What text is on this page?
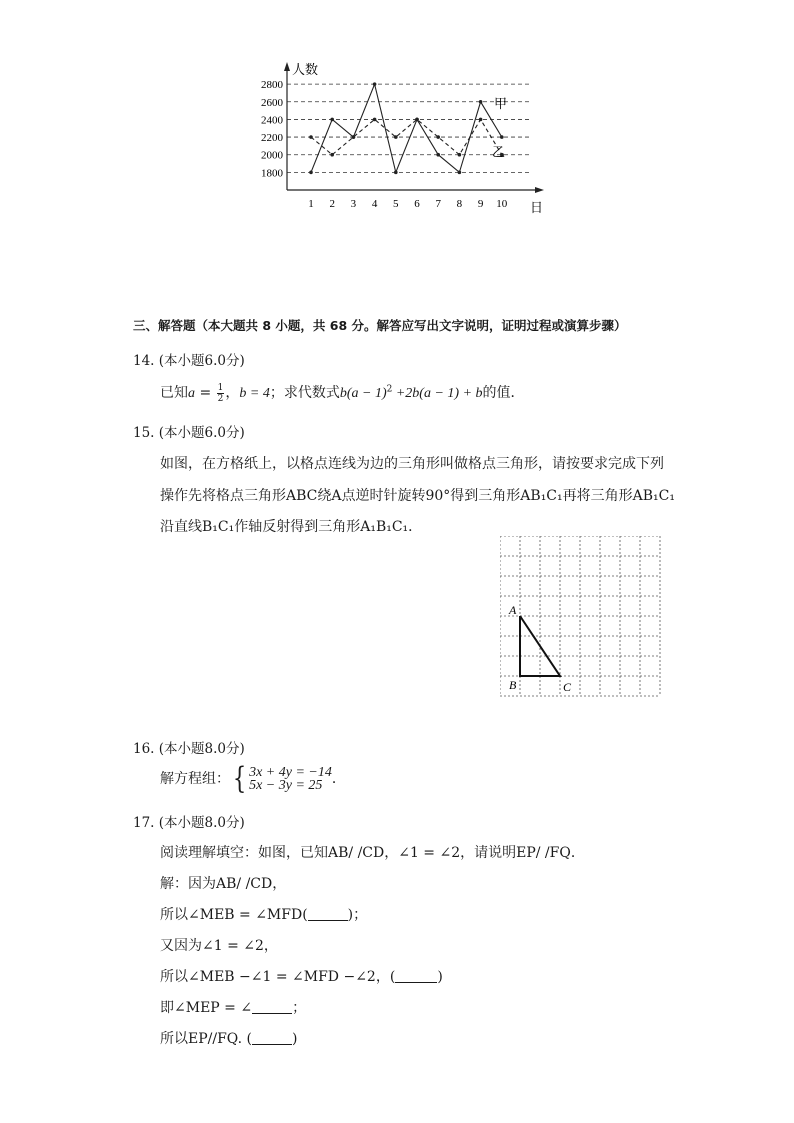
人数
日
1800
2000
2200
2400
2600
2800
1 2 3 4 5 6 7 8 9 10
甲
乙
三、解答题（本大题共 8 小题，共 68 分。解答应写出文字说明，证明过程或演算步骤）
14. (本小题6.0分)
已知$a = \frac{1}{2}$ ，b = 4；求代数式$b(a - 1)^2 +2b(a - 1) + b$的值．
15. (本小题6.0分)
如图，在方格纸上，以格点连线为边的三角形叫做格点三角形，请按要求完成下列
操作先将格点三角形ABC绕A点逆时针旋转90°得到三角形AB₁C₁再将三角形AB₁C₁
沿直线B₁C₁作轴反射得到三角形A₁B₁C₁．
A
B	C
16. (本小题8.0分)
解方程组： { 3x + 4y = −14
5x − 3y = 25 ．
17. (本小题8.0分)
阅读理解填空：如图，已知AB/ /CD，∠1 = ∠2，请说明EP/ /FQ．
解：因为AB/ /CD，
所以∠MEB = ∠MFD(	)；
又因为∠1 = ∠2，
所以∠MEB −∠1 = ∠MFD −∠2，(	)
即∠MEP = ∠	；
所以EP//FQ. (	)
